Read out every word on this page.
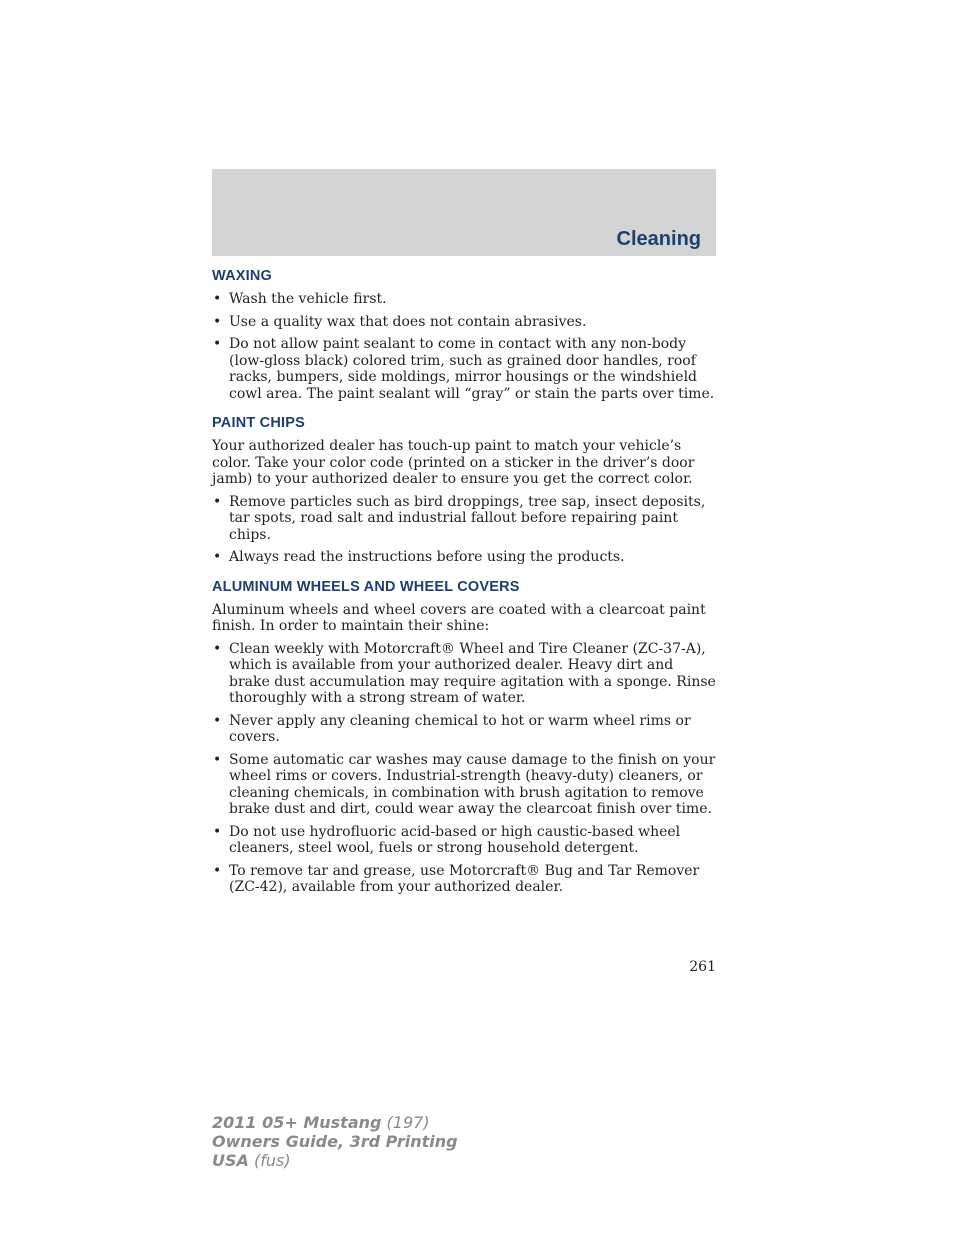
Cleaning
WAXING
• Wash the vehicle first.
• Use a quality wax that does not contain abrasives.
• Do not allow paint sealant to come in contact with any non-body (low-gloss black) colored trim, such as grained door handles, roof racks, bumpers, side moldings, mirror housings or the windshield cowl area. The paint sealant will “gray” or stain the parts over time.
PAINT CHIPS

Your authorized dealer has touch-up paint to match your vehicle’s color. Take your color code (printed on a sticker in the driver’s door jamb) to your authorized dealer to ensure you get the correct color.

• Remove particles such as bird droppings, tree sap, insect deposits, tar spots, road salt and industrial fallout before repairing paint chips.
• Always read the instructions before using the products.
ALUMINUM WHEELS AND WHEEL COVERS

Aluminum wheels and wheel covers are coated with a clearcoat paint finish. In order to maintain their shine:

• Clean weekly with Motorcraft® Wheel and Tire Cleaner (ZC-37-A), which is available from your authorized dealer. Heavy dirt and brake dust accumulation may require agitation with a sponge. Rinse thoroughly with a strong stream of water.
• Never apply any cleaning chemical to hot or warm wheel rims or covers.
• Some automatic car washes may cause damage to the finish on your wheel rims or covers. Industrial-strength (heavy-duty) cleaners, or cleaning chemicals, in combination with brush agitation to remove brake dust and dirt, could wear away the clearcoat finish over time.
• Do not use hydrofluoric acid-based or high caustic-based wheel cleaners, steel wool, fuels or strong household detergent.
• To remove tar and grease, use Motorcraft® Bug and Tar Remover (ZC-42), available from your authorized dealer.
261
2011 05+ Mustang (197)
Owners Guide, 3rd Printing
USA (fus)
